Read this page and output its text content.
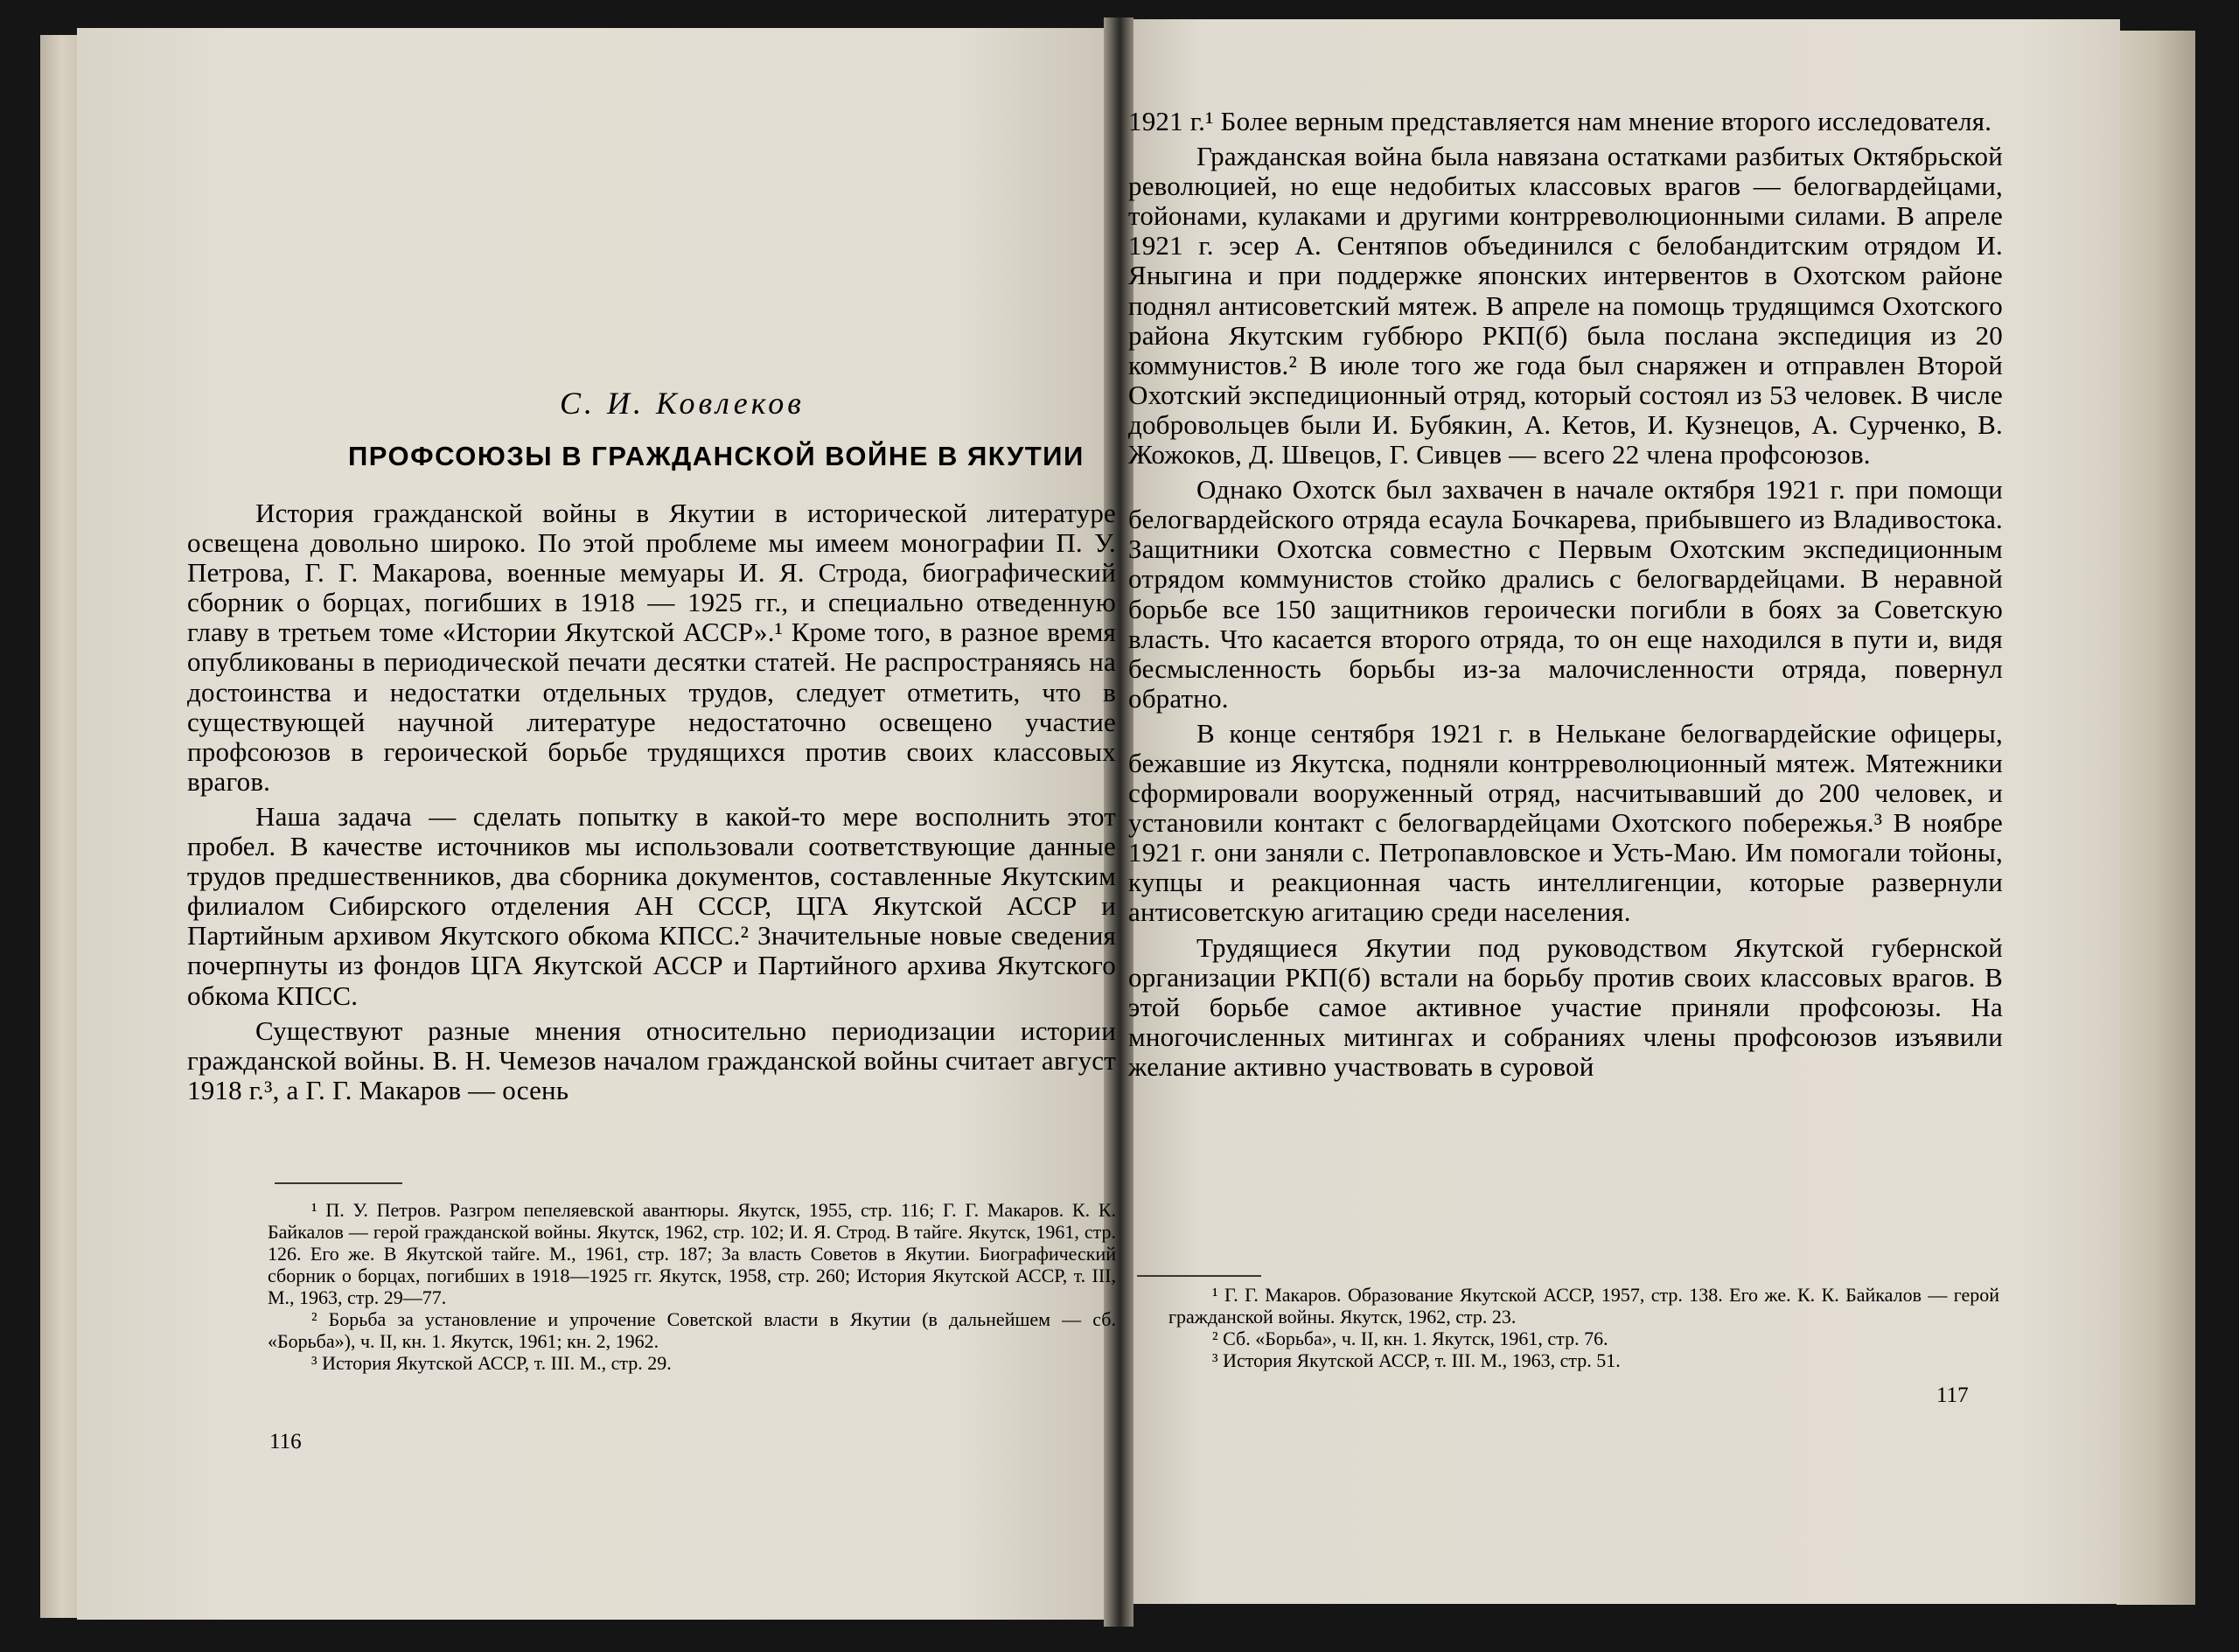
С. И. Ковлеков
ПРОФСОЮЗЫ В ГРАЖДАНСКОЙ ВОЙНЕ В ЯКУТИИ

История гражданской войны в Якутии в исторической литературе освещена довольно широко. По этой проблеме мы имеем монографии П. У. Петрова, Г. Г. Макарова, военные мемуары И. Я. Строда, биографический сборник о борцах, погибших в 1918 — 1925 гг., и специально отведенную главу в третьем томе «Истории Якутской АССР».¹ Кроме того, в разное время опубликованы в периодической печати десятки статей. Не распространяясь на достоинства и недостатки отдельных трудов, следует отметить, что в существующей научной литературе недостаточно освещено участие профсоюзов в героической борьбе трудящихся против своих классовых врагов.

Наша задача — сделать попытку в какой-то мере восполнить этот пробел. В качестве источников мы использовали соответствующие данные трудов предшественников, два сборника документов, составленные Якутским филиалом Сибирского отделения АН СССР, ЦГА Якутской АССР и Партийным архивом Якутского обкома КПСС.² Значительные новые сведения почерпнуты из фондов ЦГА Якутской АССР и Партийного архива Якутского обкома КПСС.

Существуют разные мнения относительно периодизации истории гражданской войны. В. Н. Чемезов началом гражданской войны считает август 1918 г.³, а Г. Г. Макаров — осень

¹ П. У. Петров. Разгром пепеляевской авантюры. Якутск, 1955, стр. 116; Г. Г. Макаров. К. К. Байкалов — герой гражданской войны. Якутск, 1962, стр. 102; И. Я. Строд. В тайге. Якутск, 1961, стр. 126. Его же. В Якутской тайге. М., 1961, стр. 187; За власть Советов в Якутии. Биографический сборник о борцах, погибших в 1918—1925 гг. Якутск, 1958, стр. 260; История Якутской АССР, т. III, М., 1963, стр. 29—77.

² Борьба за установление и упрочение Советской власти в Якутии (в дальнейшем — сб. «Борьба»), ч. II, кн. 1. Якутск, 1961; кн. 2, 1962.

³ История Якутской АССР, т. III. М., стр. 29.

116

1921 г.¹ Более верным представляется нам мнение второго исследователя.

Гражданская война была навязана остатками разбитых Октябрьской революцией, но еще недобитых классовых врагов — белогвардейцами, тойонами, кулаками и другими контрреволюционными силами. В апреле 1921 г. эсер А. Сентяпов объединился с белобандитским отрядом И. Яныгина и при поддержке японских интервентов в Охотском районе поднял антисоветский мятеж. В апреле на помощь трудящимся Охотского района Якутским губбюро РКП(б) была послана экспедиция из 20 коммунистов.² В июле того же года был снаряжен и отправлен Второй Охотский экспедиционный отряд, который состоял из 53 человек. В числе добровольцев были И. Бубякин, А. Кетов, И. Кузнецов, А. Сурченко, В. Жожоков, Д. Швецов, Г. Сивцев — всего 22 члена профсоюзов.

Однако Охотск был захвачен в начале октября 1921 г. при помощи белогвардейского отряда есаула Бочкарева, прибывшего из Владивостока. Защитники Охотска совместно с Первым Охотским экспедиционным отрядом коммунистов стойко дрались с белогвардейцами. В неравной борьбе все 150 защитников героически погибли в боях за Советскую власть. Что касается второго отряда, то он еще находился в пути и, видя бесмысленность борьбы из-за малочисленности отряда, повернул обратно.

В конце сентября 1921 г. в Нелькане белогвардейские офицеры, бежавшие из Якутска, подняли контрреволюционный мятеж. Мятежники сформировали вооруженный отряд, насчитывавший до 200 человек, и установили контакт с белогвардейцами Охотского побережья.³ В ноябре 1921 г. они заняли с. Петропавловское и Усть-Маю. Им помогали тойоны, купцы и реакционная часть интеллигенции, которые развернули антисоветскую агитацию среди населения.

Трудящиеся Якутии под руководством Якутской губернской организации РКП(б) встали на борьбу против своих классовых врагов. В этой борьбе самое активное участие приняли профсоюзы. На многочисленных митингах и собраниях члены профсоюзов изъявили желание активно участвовать в суровой

¹ Г. Г. Макаров. Образование Якутской АССР, 1957, стр. 138. Его же. К. К. Байкалов — герой гражданской войны. Якутск, 1962, стр. 23.

² Сб. «Борьба», ч. II, кн. 1. Якутск, 1961, стр. 76.

³ История Якутской АССР, т. III. М., 1963, стр. 51.

117
